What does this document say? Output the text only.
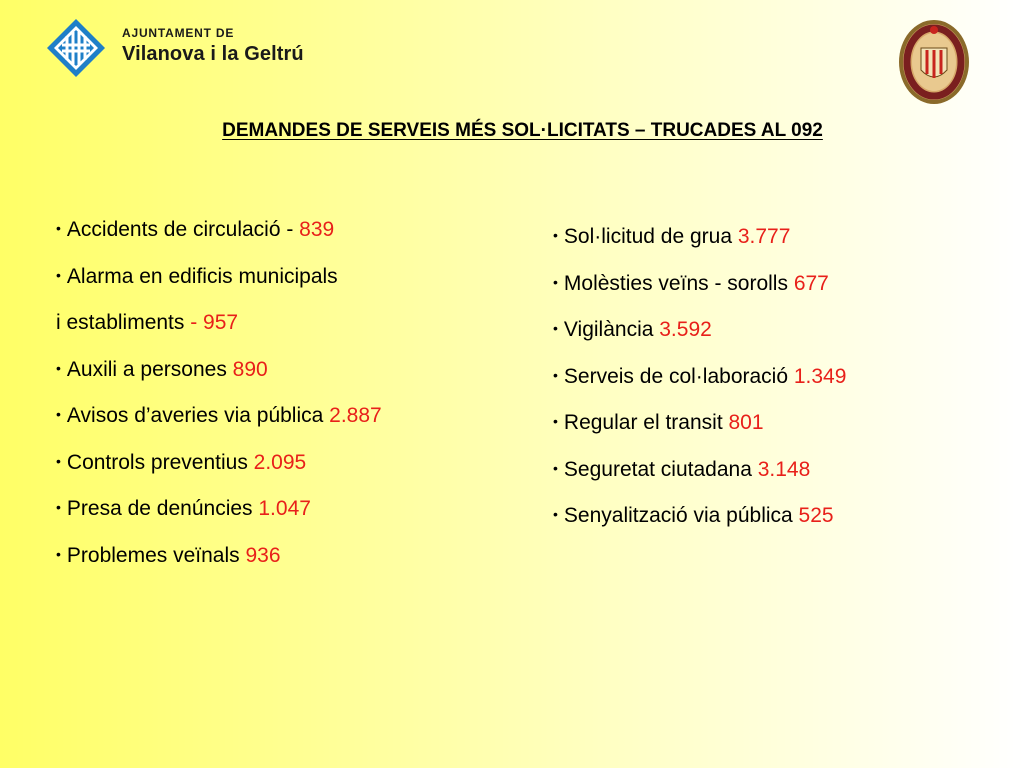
AJUNTAMENT DE
Vilanova i la Geltrú
DEMANDES DE SERVEIS MÉS SOL·LICITATS – TRUCADES AL 092
• Accidents de circulació - 839
• Alarma en edificis municipals
i establiments - 957
• Auxili a persones 890
• Avisos d’averies via pública 2.887
• Controls preventius 2.095
• Presa de denúncies 1.047
• Problemes veïnals 936
• Sol·licitud de grua 3.777
• Molèsties veïns - sorolls 677
• Vigilància 3.592
• Serveis de col·laboració 1.349
• Regular el transit 801
• Seguretat ciutadana 3.148
• Senyalització via pública 525
